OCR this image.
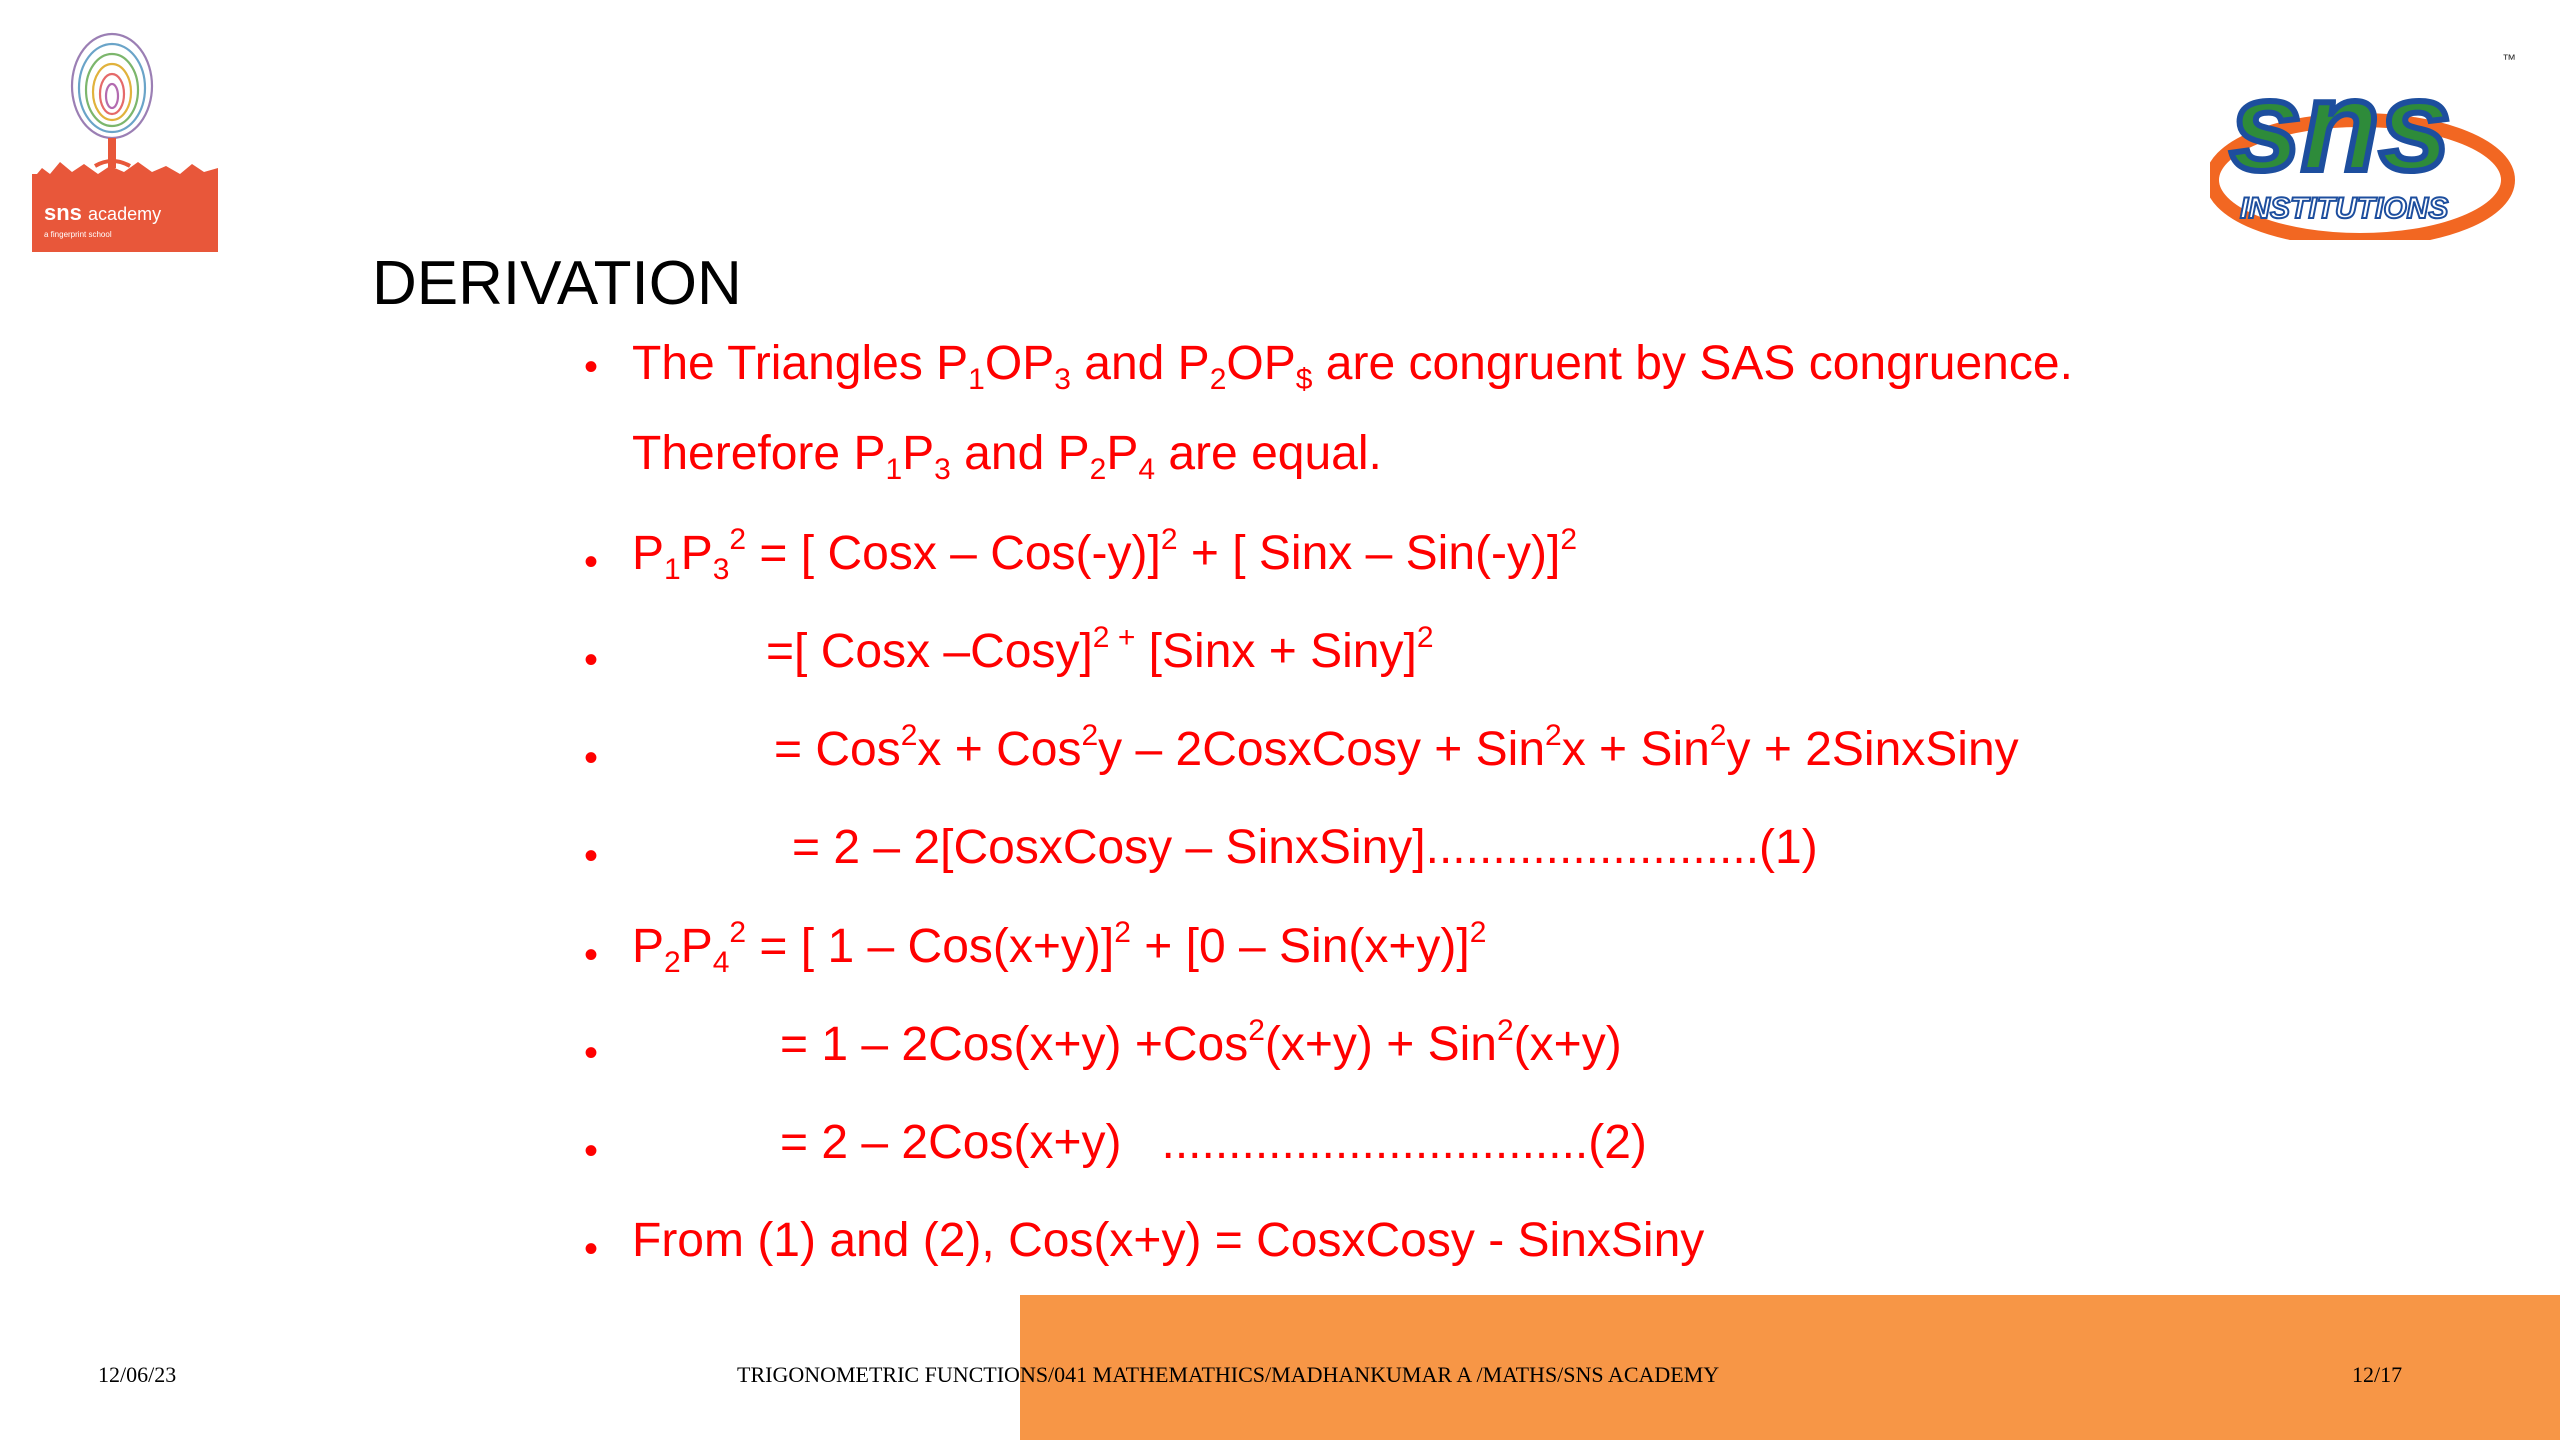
sns academy
a fingerprint school
sns
INSTITUTIONS
™
DERIVATION
• The Triangles $P_1OP_3$ and $P_2OP_{\$}$ are congruent by SAS congruence.
Therefore $P_1P_3$ and $P_2P_4$ are equal.
• $P_1P_3^2$ = [ Cosx – Cos(-y)]$^2$ + [ Sinx – Sin(-y)]$^2$
•	=[ Cosx –Cosy]$^{2 +}$ [Sinx + Siny]$^2$
•	= Cos$^2$x + Cos$^2$y – 2CosxCosy + Sin$^2$x + Sin$^2$y + 2SinxSiny
•	= 2 – 2[CosxCosy – SinxSiny].........................(1)
• $P_2P_4^2$ = [ $1 - Cos(x+y)]^2 + [0 - Sin(x+y)]^2$
•	= 1 – 2Cos(x+y) +Cos$^2$(x+y) + Sin$^2$(x+y)
•	= 2 – 2Cos(x+y)   ................................(2)
• From (1) and (2), Cos(x+y) = CosxCosy - SinxSiny
12/06/23	TRIGONOMETRIC FUNCTIONS/041 MATHEMATHICS/MADHANKUMAR A /MATHS/SNS ACADEMY	12/17
